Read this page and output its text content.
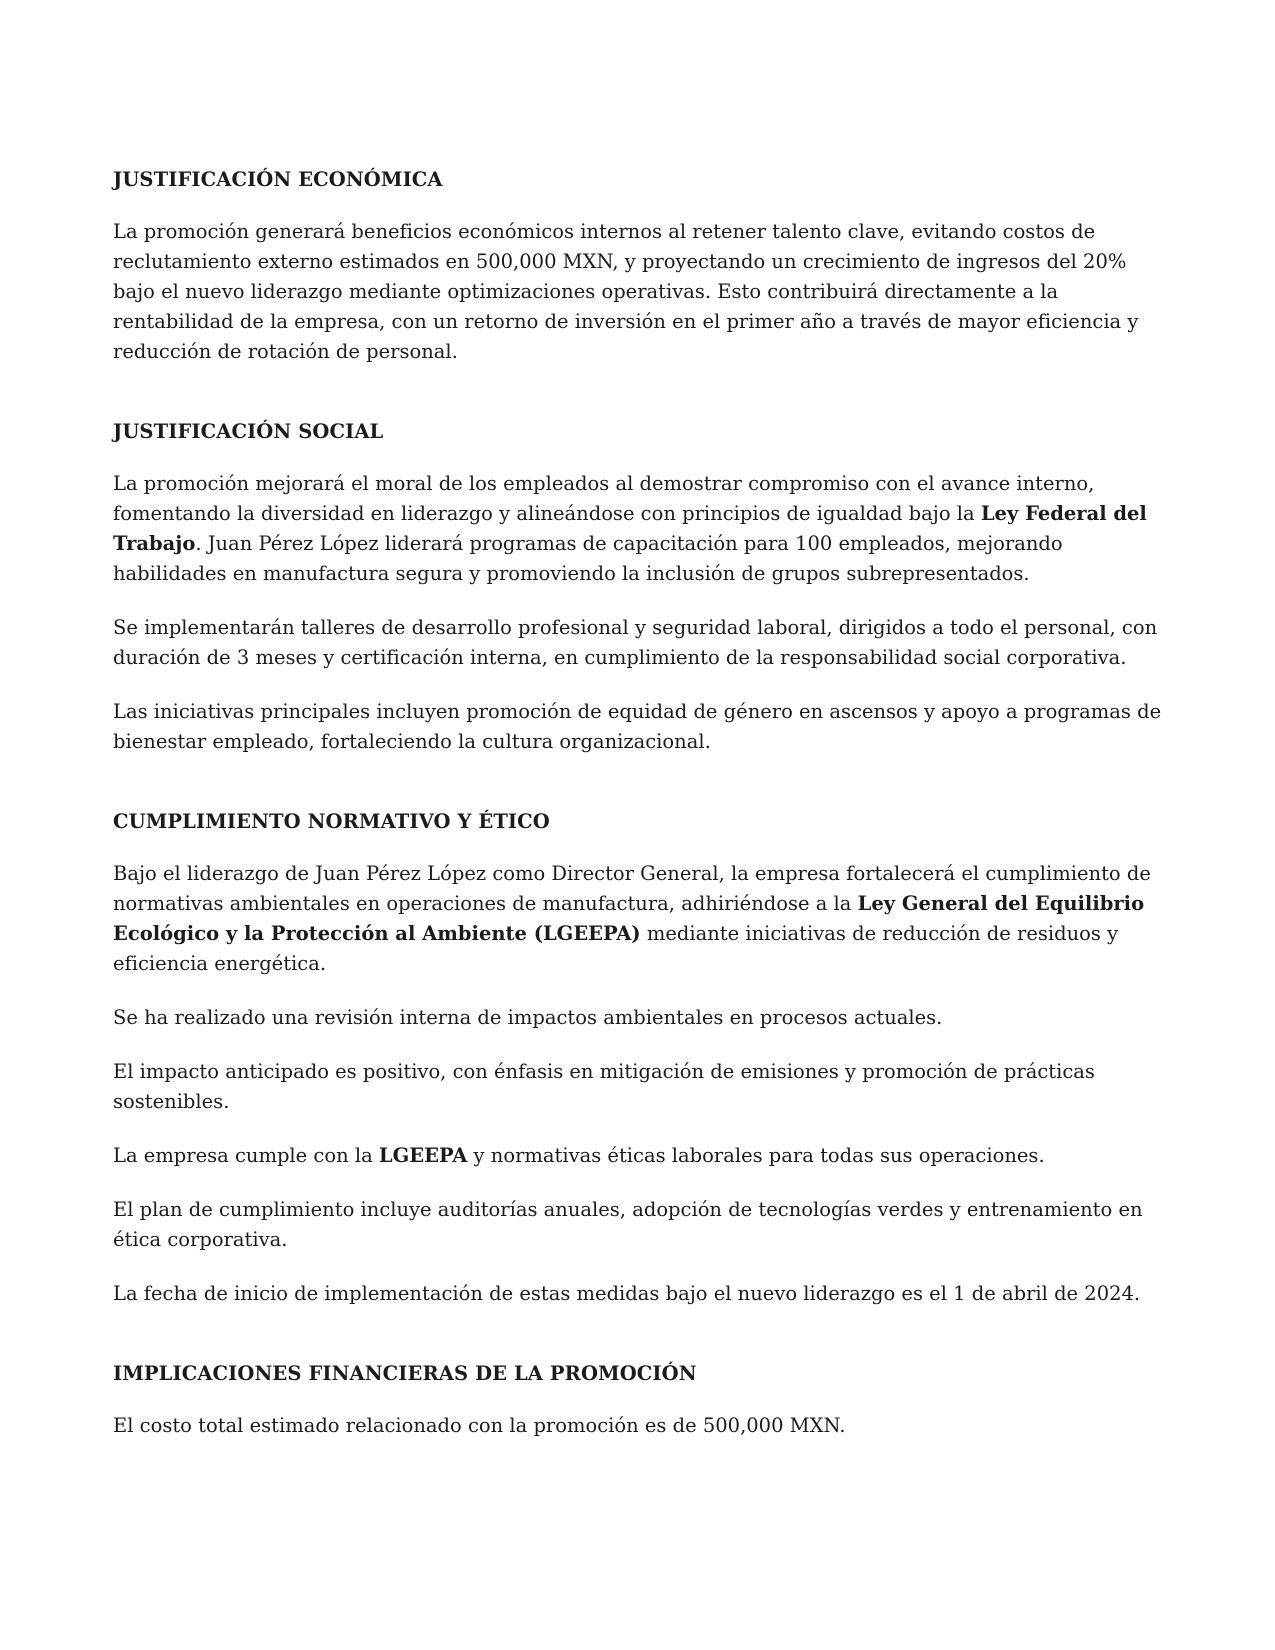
JUSTIFICACIÓN ECONÓMICA

La promoción generará beneficios económicos internos al retener talento clave, evitando costos de reclutamiento externo estimados en 500,000 MXN, y proyectando un crecimiento de ingresos del 20% bajo el nuevo liderazgo mediante optimizaciones operativas. Esto contribuirá directamente a la rentabilidad de la empresa, con un retorno de inversión en el primer año a través de mayor eficiencia y reducción de rotación de personal.

JUSTIFICACIÓN SOCIAL

La promoción mejorará el moral de los empleados al demostrar compromiso con el avance interno, fomentando la diversidad en liderazgo y alineándose con principios de igualdad bajo la Ley Federal del Trabajo. Juan Pérez López liderará programas de capacitación para 100 empleados, mejorando habilidades en manufactura segura y promoviendo la inclusión de grupos subrepresentados.

Se implementarán talleres de desarrollo profesional y seguridad laboral, dirigidos a todo el personal, con duración de 3 meses y certificación interna, en cumplimiento de la responsabilidad social corporativa.

Las iniciativas principales incluyen promoción de equidad de género en ascensos y apoyo a programas de bienestar empleado, fortaleciendo la cultura organizacional.

CUMPLIMIENTO NORMATIVO Y ÉTICO

Bajo el liderazgo de Juan Pérez López como Director General, la empresa fortalecerá el cumplimiento de normativas ambientales en operaciones de manufactura, adhiriéndose a la Ley General del Equilibrio Ecológico y la Protección al Ambiente (LGEEPA) mediante iniciativas de reducción de residuos y eficiencia energética.

Se ha realizado una revisión interna de impactos ambientales en procesos actuales.

El impacto anticipado es positivo, con énfasis en mitigación de emisiones y promoción de prácticas sostenibles.

La empresa cumple con la LGEEPA y normativas éticas laborales para todas sus operaciones.

El plan de cumplimiento incluye auditorías anuales, adopción de tecnologías verdes y entrenamiento en ética corporativa.

La fecha de inicio de implementación de estas medidas bajo el nuevo liderazgo es el 1 de abril de 2024.

IMPLICACIONES FINANCIERAS DE LA PROMOCIÓN

El costo total estimado relacionado con la promoción es de 500,000 MXN.
